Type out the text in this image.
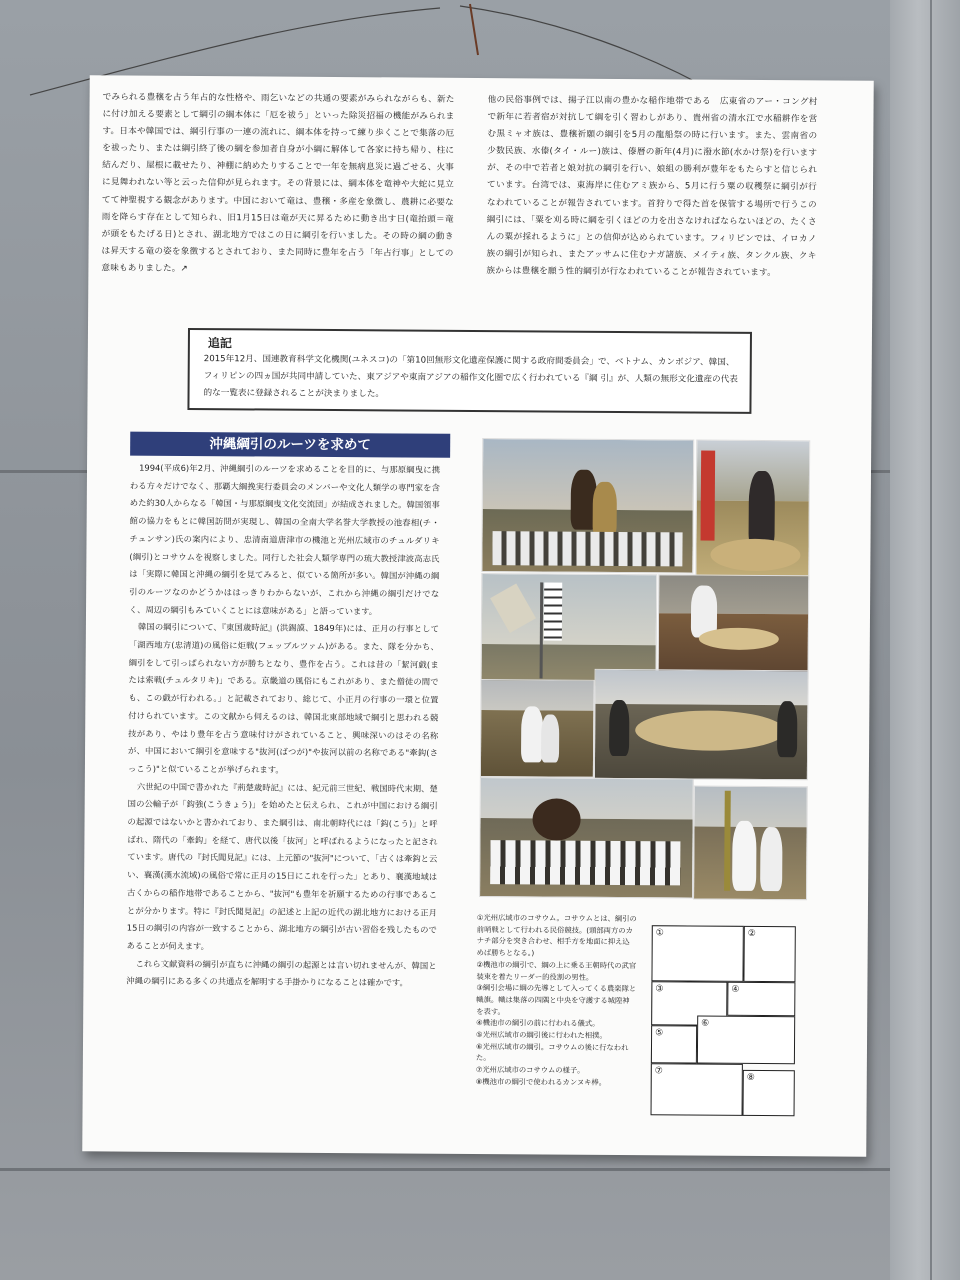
でみられる豊穣を占う年占的な性格や、雨乞いなどの共通の要素がみられながらも、新たに付け加える要素として綱引の綱本体に「厄を祓う」といった除災招福の機能がみられます。日本や韓国では、綱引行事の一連の流れに、綱本体を持って練り歩くことで集落の厄を祓ったり、または綱引終了後の綱を参加者自身が小綱に解体して各家に持ち帰り、柱に結んだり、屋根に載せたり、神棚に納めたりすることで一年を無病息災に過ごせる、火事に見舞われない等と云った信仰が見られます。その背景には、綱本体を竜神や大蛇に見立てて神聖視する観念があります。中国において竜は、豊穣・多産を象徴し、農耕に必要な雨を降らす存在として知られ、旧1月15日は竜が天に昇るために動き出す日(竜抬頭＝竜が頭をもたげる日)とされ、湖北地方ではこの日に綱引を行いました。その時の綱の動きは昇天する竜の姿を象徴するとされており、また同時に豊年を占う「年占行事」としての意味もありました。↗
他の民俗事例では、揚子江以南の豊かな稲作地帯である　広東省のアー・コング村で新年に若者宿が対抗して綱を引く習わしがあり、貴州省の清水江で水稲耕作を営む黒ミャオ族は、豊穣祈願の綱引を5月の龍船祭の時に行います。また、雲南省の少数民族、水傣(タイ・ルー)族は、傣暦の新年(4月)に潑水節(水かけ祭)を行いますが、その中で若者と娘対抗の綱引を行い、娘組の勝利が豊年をもたらすと信じられています。台湾では、東海岸に住むアミ族から、5月に行う粟の収穫祭に綱引が行なわれていることが報告されています。首狩りで得た首を保管する場所で行うこの綱引には、「粟を刈る時に綱を引くほどの力を出さなければならないほどの、たくさんの粟が採れるように」との信仰が込められています。フィリピンでは、イロカノ族の綱引が知られ、またアッサムに住むナガ諸族、メイティ族、タンクル族、クキ族からは豊穣を願う性的綱引が行なわれていることが報告されています。
追記
2015年12月、国連教育科学文化機関(ユネスコ)の「第10回無形文化遺産保護に関する政府間委員会」で、ベトナム、カンボジア、韓国、フィリピンの四ヵ国が共同申請していた、東アジアや東南アジアの稲作文化圏で広く行われている『綱 引』が、人類の無形文化遺産の代表的な一覧表に登録されることが決まりました。
沖縄綱引のルーツを求めて

1994(平成6)年2月、沖縄綱引のルーツを求めることを目的に、与那原綱曳に携わる方々だけでなく、那覇大綱挽実行委員会のメンバーや文化人類学の専門家を含めた約30人からなる「韓国・与那原綱曳文化交流団」が結成されました。韓国領事館の協力をもとに韓国訪問が実現し、韓国の全南大学名誉大学教授の池春相(チ・チュンサン)氏の案内により、忠清南道唐津市の機池と光州広域市のチュルダリキ(綱引)とコサウムを視察しました。同行した社会人類学専門の琉大教授津波高志氏は「実際に韓国と沖縄の綱引を見てみると、似ている箇所が多い。韓国が沖縄の綱引のルーツなのかどうかははっきりわからないが、これから沖縄の綱引だけでなく、周辺の綱引もみていくことには意味がある」と語っています。

韓国の綱引について、『東国歳時記』(洪錫謨、1849年)には、正月の行事として「湖西地方(忠清道)の風俗に炬戦(フェッブルツァム)がある。また、隊を分かち、綱引をして引っぱられない方が勝ちとなり、豊作を占う。これは昔の「絜河戯(または索戦(チュルタリキ)」である。京畿道の風俗にもこれがあり、また僧徒の間でも、この戯が行われる。」と記載されており、総じて、小正月の行事の一環と位置付けられています。この文献から伺えるのは、韓国北東部地域で綱引と思われる競技があり、やはり豊年を占う意味付けがされていること、興味深いのはその名称が、中国において綱引を意味する"抜河(ばつが)"や抜河以前の名称である"牽鈎(さっこう)"と似ていることが挙げられます。

六世紀の中国で書かれた『荊楚歳時記』には、紀元前三世紀、戦国時代末期、楚国の公輸子が「鈎強(こうきょう)」を始めたと伝えられ、これが中国における綱引の起源ではないかと書かれており、また綱引は、南北朝時代には「鈎(こう)」と呼ばれ、隋代の「牽鈎」を経て、唐代以後「抜河」と呼ばれるようになったと記されています。唐代の『封氏聞見記』には、上元節の"抜河"について、「古くは牽鈎と云い、襄漢(漢水流域)の風俗で常に正月の15日にこれを行った」とあり、襄漢地域は古くからの稲作地帯であることから、"抜河"も豊年を祈願するための行事であることが分かります。特に『封氏聞見記』の記述と上記の近代の湖北地方における正月15日の綱引の内容が一致することから、湖北地方の綱引が古い習俗を残したものであることが伺えます。

これら文献資料の綱引が直ちに沖縄の綱引の起源とは言い切れませんが、韓国と沖縄の綱引にある多くの共通点を解明する手掛かりになることは確かです。

①光州広域市のコサウム。コサウムとは、綱引の前哨戦として行われる民俗競技。(頭部両方のカナチ部分を突き合わせ、相手方を地面に抑え込めば勝ちとなる。)
②機池市の綱引で、綱の上に乗る王朝時代の武官装束を着たリーダー的役割の男性。
③綱引会場に綱の先導として入ってくる農楽隊と幟旗。幟は集落の四隅と中央を守護する城隍神を表す。
④機池市の綱引の前に行われる儀式。
⑤光州広域市の綱引後に行われた相撲。
⑥光州広域市の綱引。コサウムの後に行なわれた。
⑦光州広域市のコサウムの様子。
⑧機池市の綱引で使われるカンヌキ棒。
①	②
③	④
⑤
⑥
⑦
⑧
